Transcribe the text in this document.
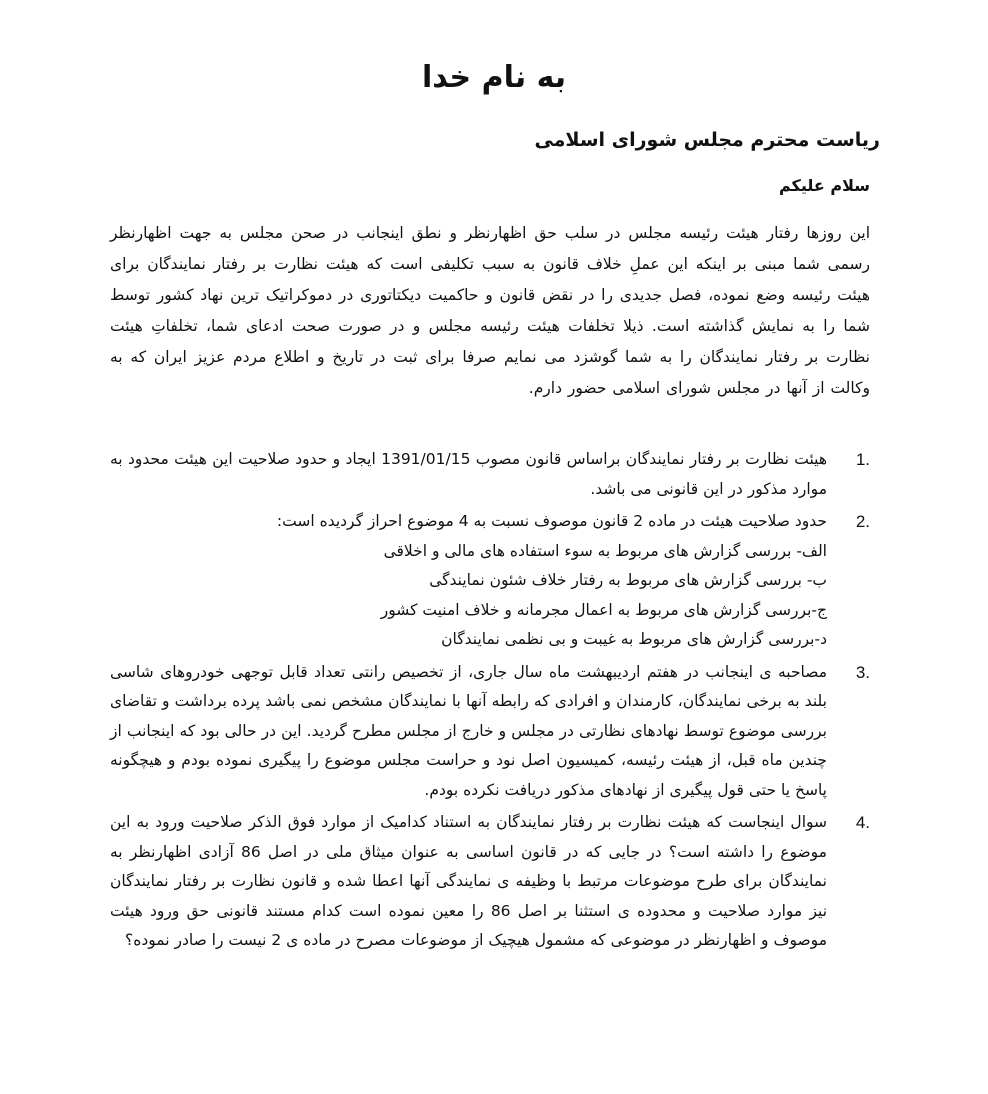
به نام خدا
ریاست محترم مجلس شورای اسلامی
سلام علیکم

این روزها رفتار هیئت رئیسه مجلس در سلب حق اظهارنظر و نطق اینجانب در صحن مجلس به جهت اظهارنظر رسمی شما مبنی بر اینکه این عملِ خلاف قانون به سبب تکلیفی است که هیئت نظارت بر رفتار نمایندگان برای هیئت رئیسه وضع نموده، فصل جدیدی را در نقض قانون و حاکمیت دیکتاتوری در دموکراتیک ترین نهاد کشور توسط شما را به نمایش گذاشته است. ذیلا تخلفات هیئت رئیسه مجلس و در صورت صحت ادعای شما، تخلفاتِ هیئت نظارت بر رفتار نمایندگان را به شما گوشزد می نمایم صرفا برای ثبت در تاریخ و اطلاع مردم عزیز ایران که به وکالت از آنها در مجلس شورای اسلامی حضور دارم.

1.
هیئت نظارت بر رفتار نمایندگان براساس قانون مصوب 1391/01/15 ایجاد و حدود صلاحیت این هیئت محدود به موارد مذکور در این قانونی می باشد.
2.
حدود صلاحیت هیئت در ماده 2 قانون موصوف نسبت به 4 موضوع احراز گردیده است:
الف- بررسی گزارش های مربوط به سوء استفاده های مالی و اخلاقی
ب- بررسی گزارش های مربوط به رفتار خلاف شئون نمایندگی
ج-بررسی گزارش های مربوط به اعمال مجرمانه و خلاف امنیت کشور
د-بررسی گزارش های مربوط به غیبت و بی نظمی نمایندگان
3.
مصاحبه ی اینجانب در هفتم اردیبهشت ماه سال جاری، از تخصیص رانتی تعداد قابل توجهی خودروهای شاسی بلند به برخی نمایندگان، کارمندان و افرادی که رابطه آنها با نمایندگان مشخص نمی باشد پرده برداشت و تقاضای بررسی موضوع توسط نهادهای نظارتی در مجلس و خارج از مجلس مطرح گردید. این در حالی بود که اینجانب از چندین ماه قبل، از هیئت رئیسه، کمیسیون اصل نود و حراست مجلس موضوع را پیگیری نموده بودم و هیچگونه پاسخ یا حتی قول پیگیری از نهادهای مذکور دریافت نکرده بودم.
4.
سوال اینجاست که هیئت نظارت بر رفتار نمایندگان به استناد کدامیک از موارد فوق الذکر صلاحیت ورود به این موضوع را داشته است؟ در جایی که در قانون اساسی به عنوان میثاق ملی در اصل 86 آزادی اظهارنظر به نمایندگان برای طرح موضوعات مرتبط با وظیفه ی نمایندگی آنها اعطا شده و قانون نظارت بر رفتار نمایندگان نیز موارد صلاحیت و محدوده ی استثنا بر اصل 86 را معین نموده است کدام مستند قانونی حق ورود هیئت موصوف و اظهارنظر در موضوعی که مشمول هیچیک از موضوعات مصرح در ماده ی 2 نیست را صادر نموده؟
